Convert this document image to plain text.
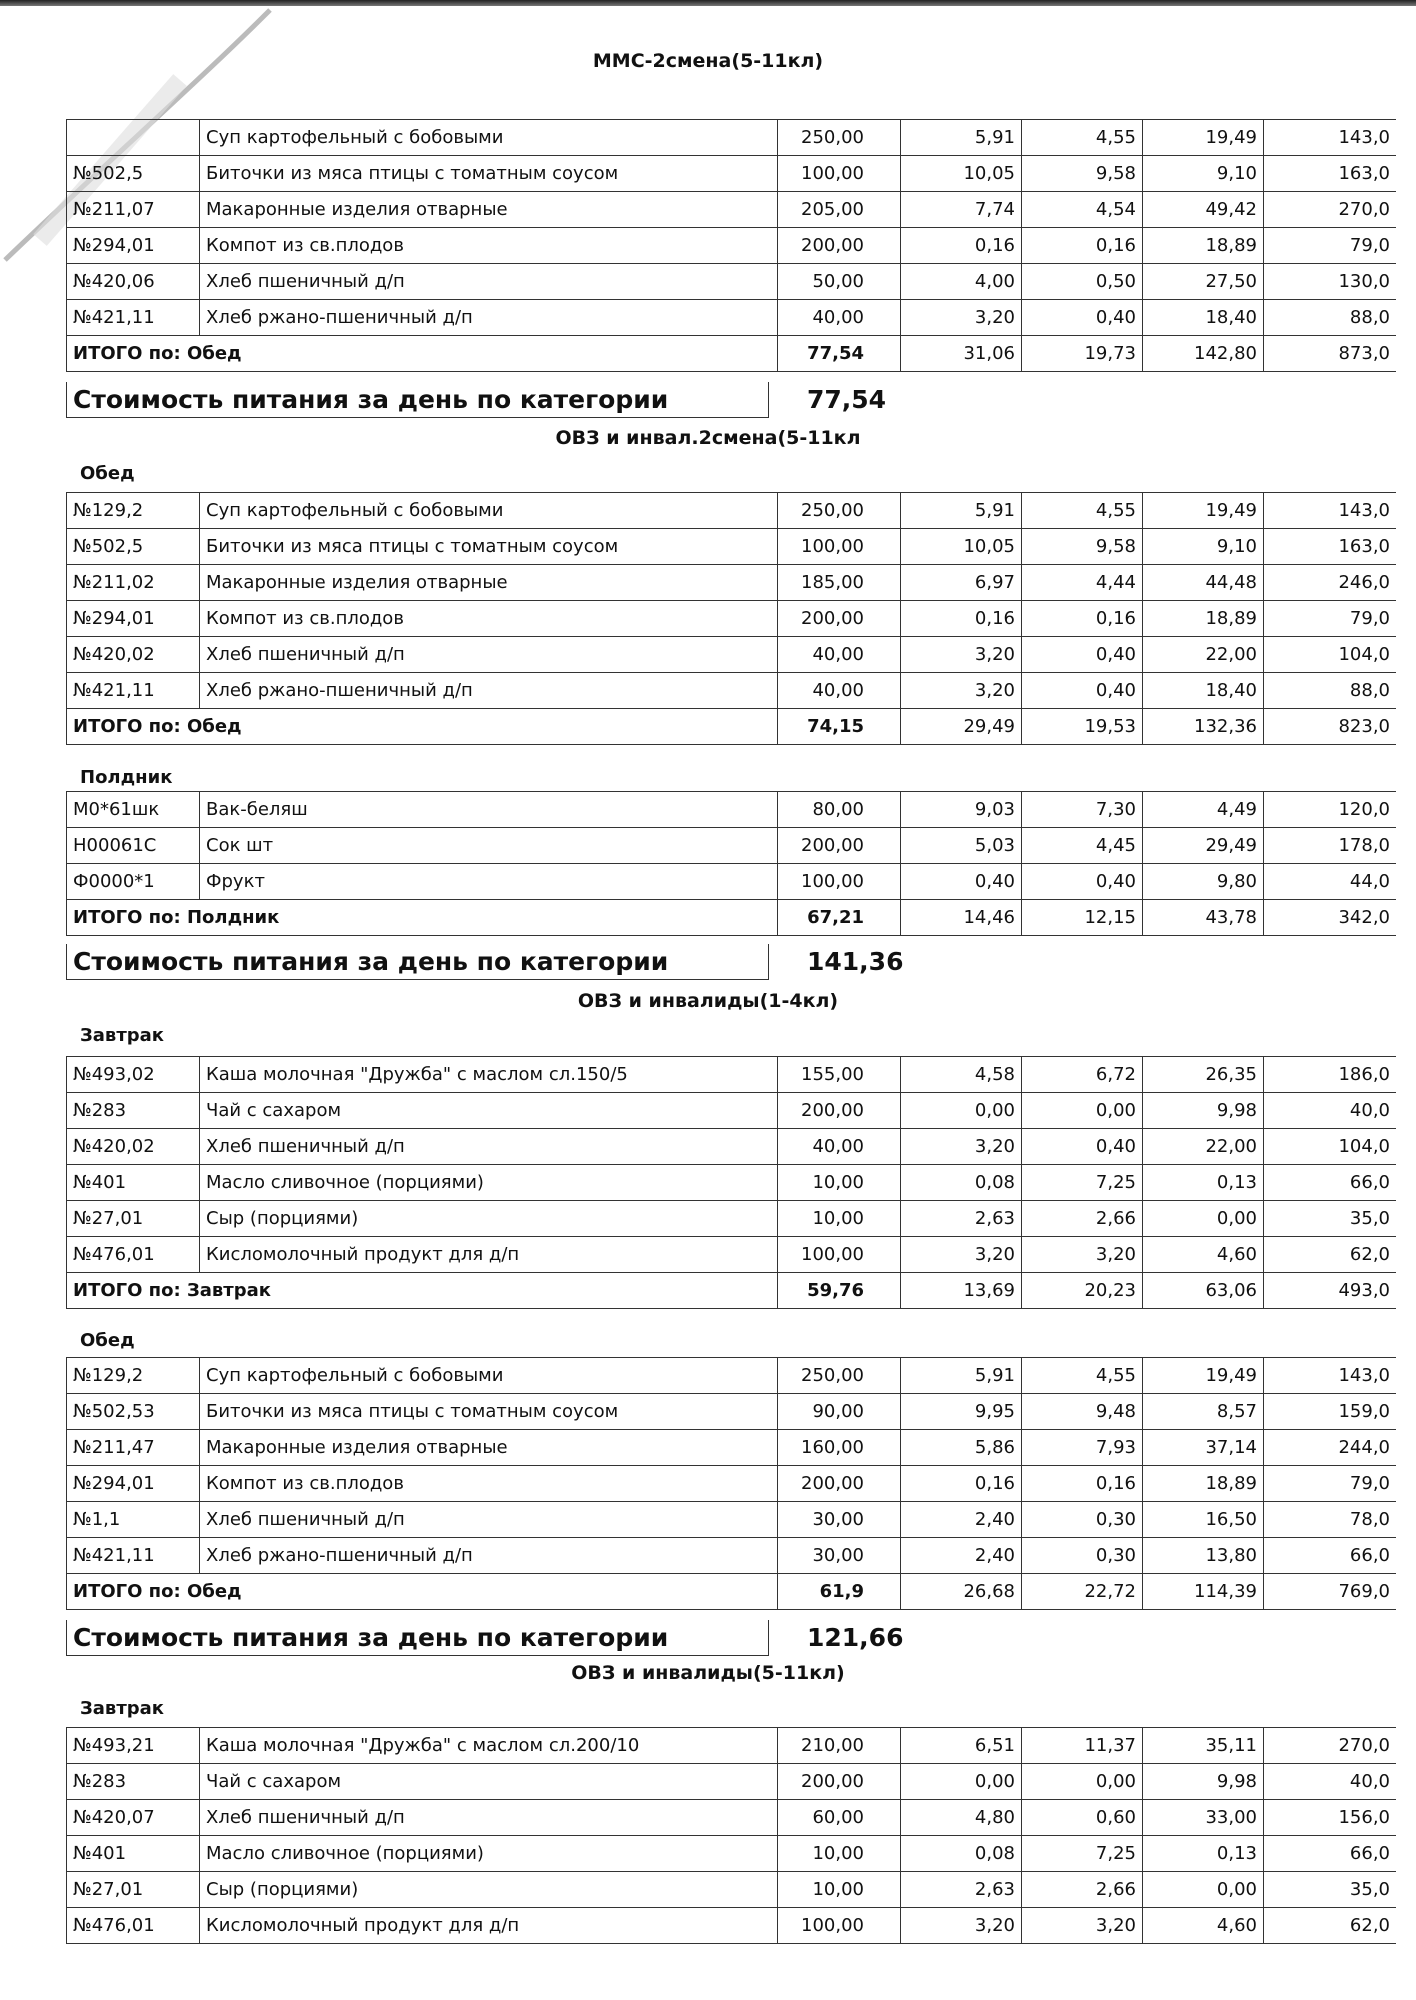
ММС-2смена(5-11кл)
	Суп картофельный с бобовыми	250,00	5,91	4,55	19,49	143,0
№502,5	Биточки из мяса птицы с томатным соусом	100,00	10,05	9,58	9,10	163,0
№211,07	Макаронные изделия отварные	205,00	7,74	4,54	49,42	270,0
№294,01	Компот из св.плодов	200,00	0,16	0,16	18,89	79,0
№420,06	Хлеб пшеничный д/п	50,00	4,00	0,50	27,50	130,0
№421,11	Хлеб ржано-пшеничный д/п	40,00	3,20	0,40	18,40	88,0
ИТОГО по: Обед		77,54	31,06	19,73	142,80	873,0
Стоимость питания за день по категории	77,54
ОВЗ и инвал.2смена(5-11кл
Обед
№129,2	Суп картофельный с бобовыми	250,00	5,91	4,55	19,49	143,0
№502,5	Биточки из мяса птицы с томатным соусом	100,00	10,05	9,58	9,10	163,0
№211,02	Макаронные изделия отварные	185,00	6,97	4,44	44,48	246,0
№294,01	Компот из св.плодов	200,00	0,16	0,16	18,89	79,0
№420,02	Хлеб пшеничный д/п	40,00	3,20	0,40	22,00	104,0
№421,11	Хлеб ржано-пшеничный д/п	40,00	3,20	0,40	18,40	88,0
ИТОГО по: Обед		74,15	29,49	19,53	132,36	823,0
Полдник
М0*61шк	Вак-беляш	80,00	9,03	7,30	4,49	120,0
Н00061С	Сок шт	200,00	5,03	4,45	29,49	178,0
Ф0000*1	Фрукт	100,00	0,40	0,40	9,80	44,0
ИТОГО по: Полдник		67,21	14,46	12,15	43,78	342,0
Стоимость питания за день по категории	141,36
ОВЗ и инвалиды(1-4кл)
Завтрак
№493,02	Каша молочная "Дружба" с маслом сл.150/5	155,00	4,58	6,72	26,35	186,0
№283	Чай с сахаром	200,00	0,00	0,00	9,98	40,0
№420,02	Хлеб пшеничный д/п	40,00	3,20	0,40	22,00	104,0
№401	Масло сливочное (порциями)	10,00	0,08	7,25	0,13	66,0
№27,01	Сыр (порциями)	10,00	2,63	2,66	0,00	35,0
№476,01	Кисломолочный продукт для д/п	100,00	3,20	3,20	4,60	62,0
ИТОГО по: Завтрак		59,76	13,69	20,23	63,06	493,0
Обед
№129,2	Суп картофельный с бобовыми	250,00	5,91	4,55	19,49	143,0
№502,53	Биточки из мяса птицы с томатным соусом	90,00	9,95	9,48	8,57	159,0
№211,47	Макаронные изделия отварные	160,00	5,86	7,93	37,14	244,0
№294,01	Компот из св.плодов	200,00	0,16	0,16	18,89	79,0
№1,1	Хлеб пшеничный д/п	30,00	2,40	0,30	16,50	78,0
№421,11	Хлеб ржано-пшеничный д/п	30,00	2,40	0,30	13,80	66,0
ИТОГО по: Обед		61,9	26,68	22,72	114,39	769,0
Стоимость питания за день по категории	121,66
ОВЗ и инвалиды(5-11кл)
Завтрак
№493,21	Каша молочная "Дружба" с маслом сл.200/10	210,00	6,51	11,37	35,11	270,0
№283	Чай с сахаром	200,00	0,00	0,00	9,98	40,0
№420,07	Хлеб пшеничный д/п	60,00	4,80	0,60	33,00	156,0
№401	Масло сливочное (порциями)	10,00	0,08	7,25	0,13	66,0
№27,01	Сыр (порциями)	10,00	2,63	2,66	0,00	35,0
№476,01	Кисломолочный продукт для д/п	100,00	3,20	3,20	4,60	62,0
